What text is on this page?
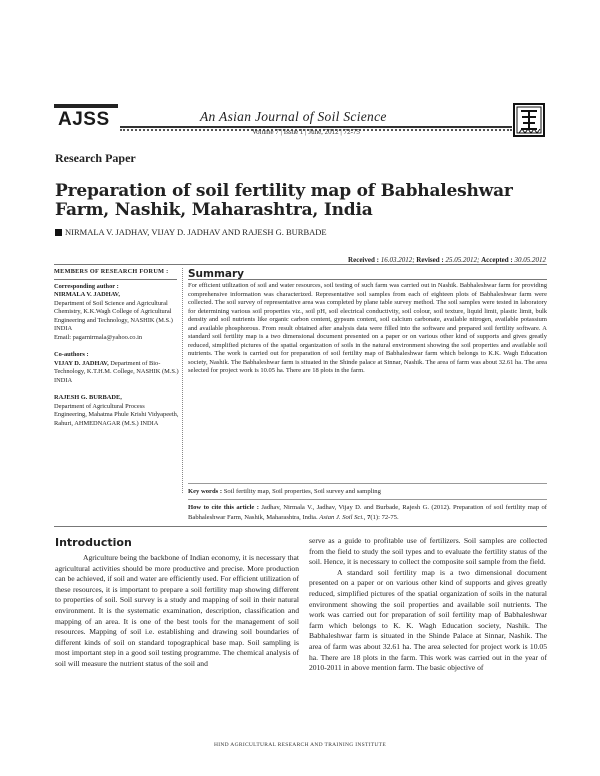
AJSS	An Asian Journal of Soil Science
Volume 7 | Issue 1 | June, 2012 | 72-75
Research Paper
Preparation of soil fertility map of Babhaleshwar Farm, Nashik, Maharashtra, India
NIRMALA V. JADHAV, VIJAY D. JADHAV AND RAJESH G. BURBADE
Received : 16.03.2012; Revised : 25.05.2012; Accepted : 30.05.2012
MEMBERS OF RESEARCH FORUM :
Corresponding author :
NIRMALA V. JADHAV,
Department of Soil Science and Agricultural Chemistry, K.K.Wagh College of Agricultural Engineering and Technology, NASHIK (M.S.) INDIA
Email: pagarnirmala@yahoo.co.in
Co-authors :
VIJAY D. JADHAV, Department of Bio-Technology, K.T.H.M. College, NASHIK (M.S.) INDIA
RAJESH G. BURBADE,
Department of Agricultural Process Engineering, Mahatma Phule Krishi Vidyapeeth, Rahuri, AHMEDNAGAR (M.S.) INDIA
Summary
For efficient utilization of soil and water resources, soil testing of such farm was carried out in Nashik. Babhaleshwar farm for providing comprehensive information was characterized. Representative soil samples from each of eighteen plots of Babhaleshwar farm were collected. The soil survey of representative area was completed by plane table survey method. The soil samples were tested in laboratory for determining various soil properties viz., soil pH, soil electrical conductivity, soil colour, soil texture, liquid limit, plastic limit, bulk density and soil nutrients like organic carbon content, gypsum content, soil calcium carbonate, available nitrogen, available potassium and available phosphorous. From result obtained after analysis data were filled into the software and prepared soil fertility software. A standard soil fertility map is a two dimensional document presented on a paper or on various other kind of supports and gives greatly reduced, simplified pictures of the spatial organization of soils in the natural environment showing the soil properties and available soil nutrients. The work is carried out for preparation of soil fertility map of Babhaleshwar farm which belongs to K.K. Wagh Education society, Nashik. The Babhaleshwar farm is situated in the Shinde palace at Sinnar, Nashik. The area of farm was about 32.61 ha. The area selected for project work is 10.05 ha. There are 18 plots in the farm.
Key words : Soil fertility map, Soil properties, Soil survey and sampling
How to cite this article : Jadhav, Nirmala V., Jadhav, Vijay D. and Burbade, Rajesh G. (2012). Preparation of soil fertility map of Babhaleshwar Farm, Nashik, Maharashtra, India. Asian J. Soil Sci., 7(1): 72-75.
Introduction

Agriculture being the backbone of Indian economy, it is necessary that agricultural activities should be more productive and precise. More production can be achieved, if soil and water are efficiently used. For efficient utilization of these resources, it is important to prepare a soil fertility map showing different to properties of soil. Soil survey is a study and mapping of soil in their natural environment. It is the systematic examination, description, classification and mapping of an area. It is one of the best tools for the management of soil resources. Mapping of soil i.e. establishing and drawing soil boundaries of different kinds of soil on standard topographical base map. Soil sampling is most important step in a good soil testing programme. The chemical analysis of soil will measure the nutrient status of the soil and

serve as a guide to profitable use of fertilizers. Soil samples are collected from the field to study the soil types and to evaluate the fertility status of the soil. Hence, it is necessary to collect the composite soil sample from the field.

A standard soil fertility map is a two dimensional document presented on a paper or on various other kind of supports and gives greatly reduced, simplified pictures of the spatial organization of soils in the natural environment showing the soil properties and available soil nutrients. The work was carried out for preparation of soil fertility map of Babhaleshwar farm which belongs to K. K. Wagh Education society, Nashik. The Babhaleshwar farm is situated in the Shinde Palace at Sinnar, Nashik. The area of farm was about 32.61 ha. The area selected for project work is 10.05 ha. There are 18 plots in the farm. This work was carried out in the year of 2010-2011 in above mention farm. The basic objective of

HIND AGRICULTURAL RESEARCH AND TRAINING INSTITUTE
